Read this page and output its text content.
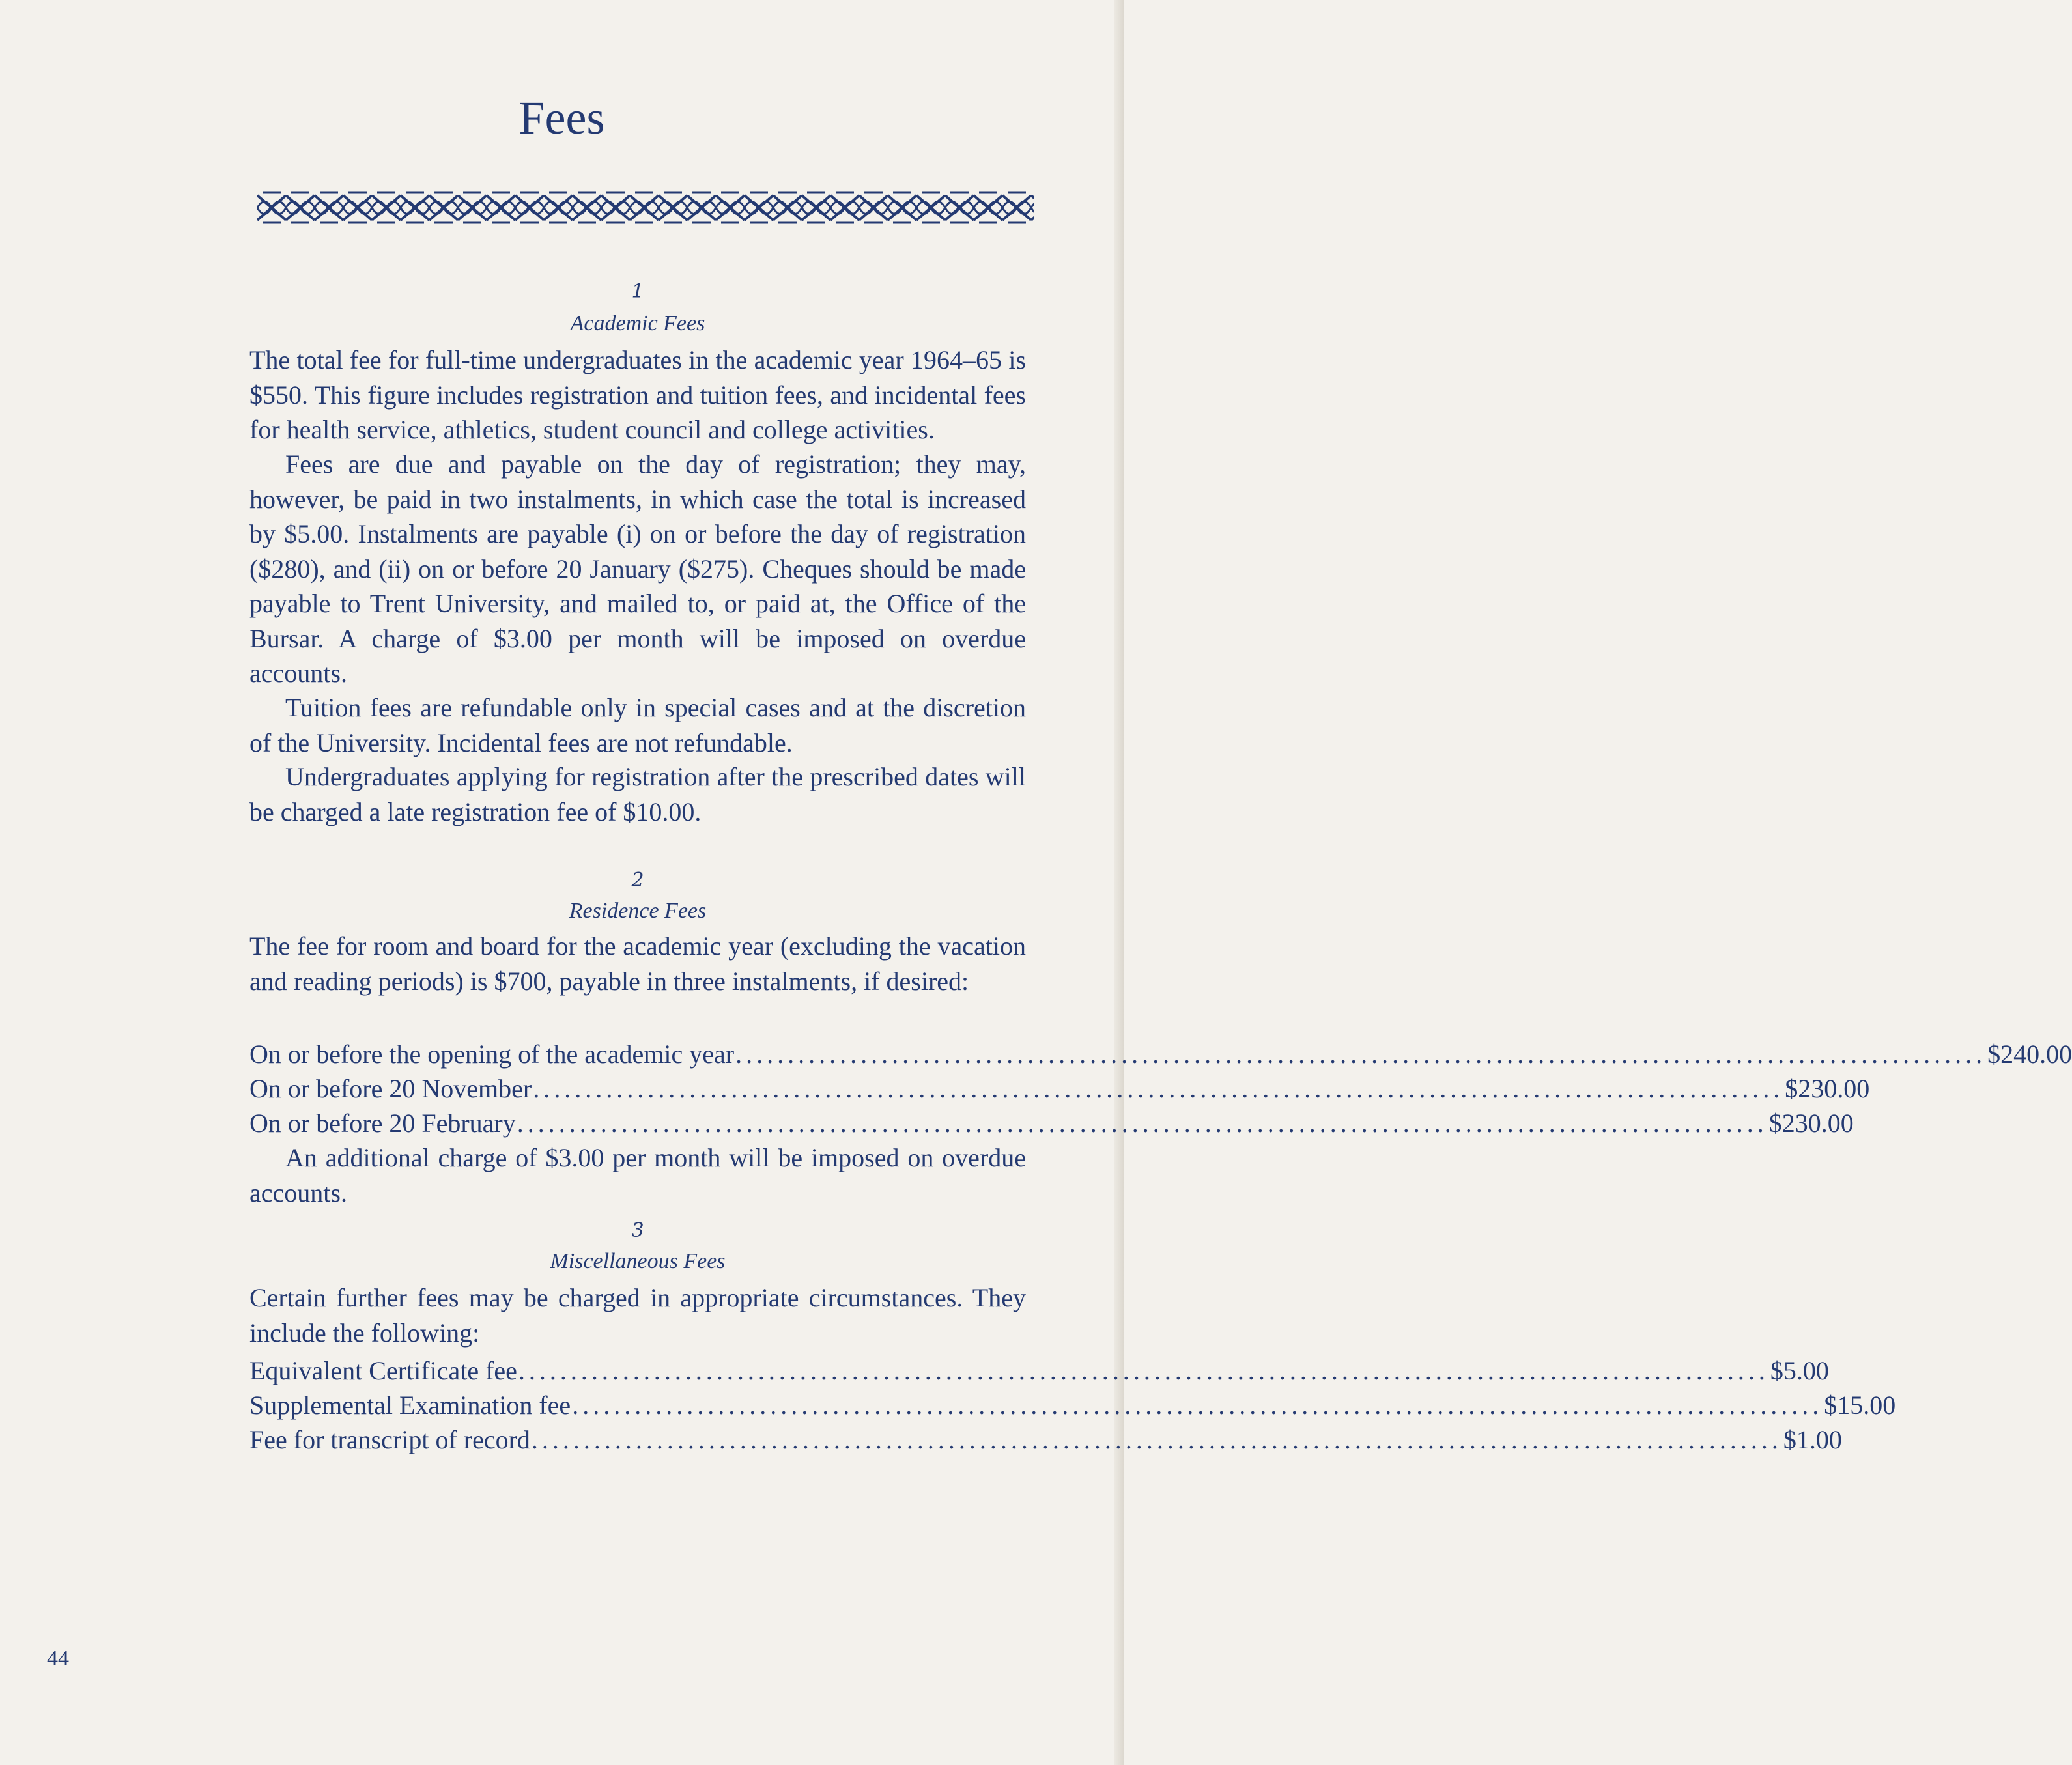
Fees
1
Academic Fees

The total fee for full-time undergraduates in the academic year 1964–65 is $550. This figure includes registration and tuition fees, and incidental fees for health service, athletics, student council and college activities.

Fees are due and payable on the day of registration; they may, however, be paid in two instalments, in which case the total is increased by $5.00. Instalments are payable (i) on or before the day of registration ($280), and (ii) on or before 20 January ($275). Cheques should be made payable to Trent University, and mailed to, or paid at, the Office of the Bursar. A charge of $3.00 per month will be imposed on overdue accounts.

Tuition fees are refundable only in special cases and at the discretion of the University. Incidental fees are not refundable.

Undergraduates applying for registration after the prescribed dates will be charged a late registration fee of $10.00.

2
Residence Fees

The fee for room and board for the academic year (excluding the vacation and reading periods) is $700, payable in three instalments, if desired:

On or before the opening of the academic year ........................................................................................................................ $240.00
On or before 20 November ........................................................................................................................ $230.00
On or before 20 February ........................................................................................................................ $230.00

An additional charge of $3.00 per month will be imposed on overdue accounts.

3
Miscellaneous Fees

Certain further fees may be charged in appropriate circumstances. They include the following:

Equivalent Certificate fee ........................................................................................................................ $5.00
Supplemental Examination fee ........................................................................................................................ $15.00
Fee for transcript of record ........................................................................................................................ $1.00
44
